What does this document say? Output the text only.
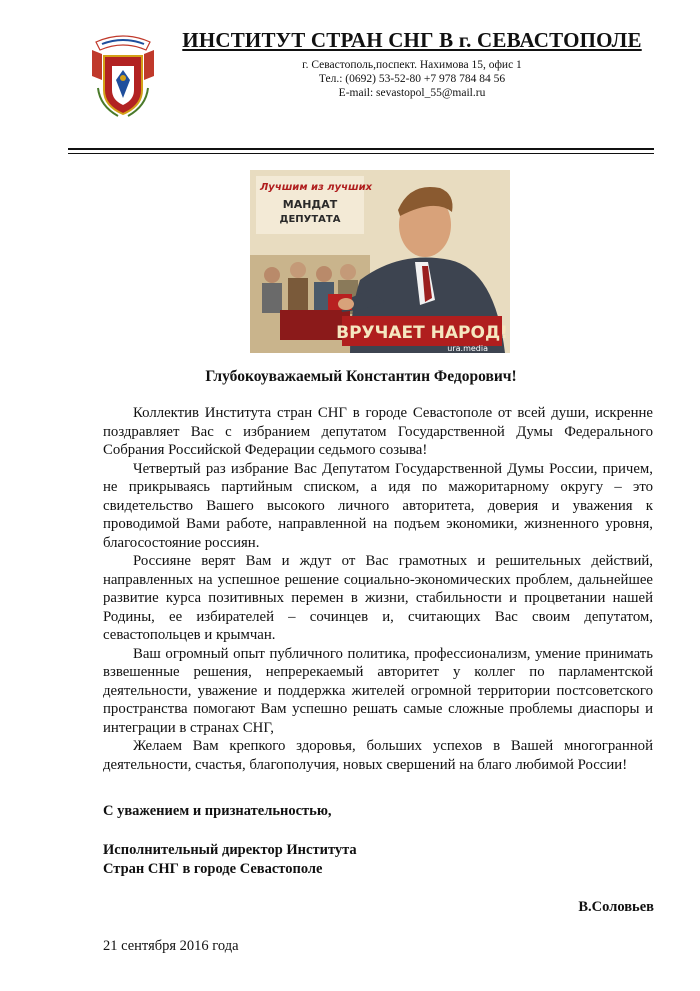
ИНСТИТУТ СТРАН СНГ В г. СЕВАСТОПОЛЕ
г. Севастополь,поспект. Нахимова 15, офис 1
Тел.: (0692) 53-52-80 +7 978 784 84 56
E-mail: sevastopol_55@mail.ru
Лучшим из лучших
МАНДАТ
ДЕПУТАТА
ВРУЧАЕТ НАРОД!
ura.media
Глубокоуважаемый Константин Федорович!

Коллектив Института стран СНГ в городе Севастополе от всей души, искренне поздравляет Вас с избранием депутатом Государственной Думы Федерального Собрания Российской Федерации седьмого созыва!

Четвертый раз избрание Вас Депутатом Государственной Думы России, причем, не прикрываясь партийным списком, а идя по мажоритарному округу – это свидетельство Вашего высокого личного авторитета, доверия и уважения к проводимой Вами работе, направленной на подъем экономики, жизненного уровня, благосостояние россиян.

Россияне верят Вам и ждут от Вас грамотных и решительных действий, направленных на успешное решение социально-экономических проблем, дальнейшее развитие курса позитивных перемен в жизни, стабильности и процветании нашей Родины, ее избирателей – сочинцев и, считающих Вас своим депутатом, севастопольцев и крымчан.

Ваш огромный опыт публичного политика, профессионализм, умение принимать взвешенные решения, непререкаемый авторитет у коллег по парламентской деятельности, уважение и поддержка жителей огромной территории постсоветского пространства помогают Вам успешно решать самые сложные проблемы диаспоры и интеграции в странах СНГ,

Желаем Вам крепкого здоровья, больших успехов в Вашей многогранной деятельности, счастья, благополучия, новых свершений на благо любимой России!

С уважением и признательностью,
Исполнительный директор Института
Стран СНГ в городе Севастополе
В.Соловьев
21 сентября 2016 года
